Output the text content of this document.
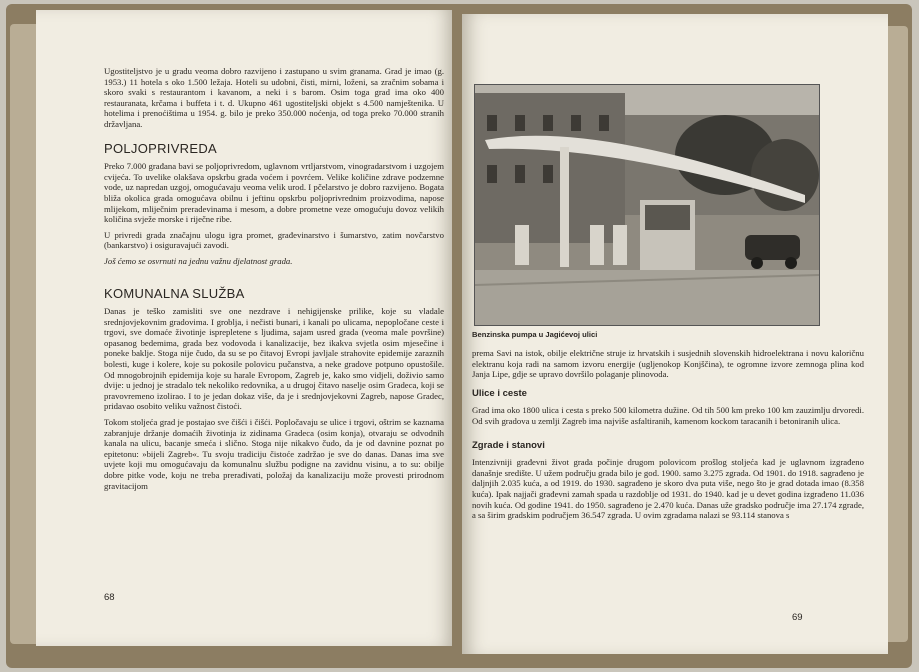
Ugostiteljstvo je u gradu veoma dobro razvijeno i zastupano u svim granama. Grad je imao (g. 1953.) 11 hotela s oko 1.500 ležaja. Hoteli su udobni, čisti, mirni, loženi, sa zračnim sobama i skoro svaki s restaurantom i kavanom, a neki i s barom. Osim toga grad ima oko 400 restauranata, krčama i buffeta i t. d. Ukupno 461 ugostiteljski objekt s 4.500 namještenika. U hotelima i prenoćištima u 1954. g. bilo je preko 350.000 noćenja, od toga preko 70.000 stranih državljana.

POLJOPRIVREDA

Preko 7.000 građana bavi se poljoprivredom, uglavnom vrtljarstvom, vinogradarstvom i uzgojem cvijeća. To uvelike olakšava opskrbu grada voćem i povrćem. Velike količine zdrave podzemne vode, uz napredan uzgoj, omogućavaju veoma velik urod. I pčelarstvo je dobro razvijeno. Bogata bliža okolica grada omogućava obilnu i jeftinu opskrbu poljoprivrednim proizvodima, napose mlijekom, mliječnim preradevinama i mesom, a dobre prometne veze omogućuju dovoz velikih količina svježe morske i riječne ribe.

U privredi grada značajnu ulogu igra promet, građevinarstvo i šumarstvo, zatim novčarstvo (bankarstvo) i osiguravajući zavodi.

Još ćemo se osvrnuti na jednu važnu djelatnost grada.

KOMUNALNA SLUŽBA

Danas je teško zamisliti sve one nezdrave i nehigijenske prilike, koje su vladale srednjovjekovnim gradovima. I groblja, i nečisti bunari, i kanali po ulicama, nepopločane ceste i trgovi, sve domaće životinje isprepletene s ljudima, sajam usred grada (veoma male površine) opasanog bedemima, grada bez vodovoda i kanalizacije, bez ikakva svjetla osim mjesečine i poneke baklje. Stoga nije čudo, da su se po čitavoj Evropi javljale strahovite epidemije zaraznih bolesti, kuge i kolere, koje su pokosile polovicu pučanstva, a neke gradove potpuno opustošile. Od mnogobrojnih epidemija koje su harale Evropom, Zagreb je, kako smo vidjeli, doživio samo dvije: u jednoj je stradalo tek nekoliko redovnika, a u drugoj čitavo naselje osim Gradeca, koji se pravovremeno izolirao. I to je jedan dokaz više, da je i srednjovjekovni Zagreb, napose Gradec, pridavao osobito veliku važnost čistoći.

Tokom stoljeća grad je postajao sve čišći i čišći. Popločavaju se ulice i trgovi, oštrim se kaznama zabranjuje držanje domaćih životinja iz zidinama Gradeca (osim konja), otvaraju se odvodnih kanala na ulicu, bacanje smeća i slično. Stoga nije nikakvo čudo, da je od davnine poznat po epitetonu: »bijeli Zagreb«. Tu svoju tradiciju čistoće zadržao je sve do danas. Danas ima sve uvjete koji mu omogućavaju da komunalnu službu podigne na zavidnu visinu, a to su: obilje dobre pitke vode, koju ne treba prerađivati, položaj da kanalizaciju može provesti prirodnom gravitacijom

68
Benzinska pumpa u Jagićevoj ulici

prema Savi na istok, obilje električne struje iz hrvatskih i susjednih slovenskih hidroelektrana i novu kaloričnu elektranu koja radi na samom izvoru energije (ugljenokop Konjščina), te ogromne izvore zemnoga plina kod Janja Lipe, gdje se upravo dovršilo polaganje plinovoda.

Ulice i ceste

Grad ima oko 1800 ulica i cesta s preko 500 kilometra dužine. Od tih 500 km preko 100 km zauzimlju drvoredi. Od svih gradova u zemlji Zagreb ima najviše asfaltiranih, kamenom kockom taracanih i betoniranih ulica.

Zgrade i stanovi

Intenzivniji građevni život grada počinje drugom polovicom prošlog stoljeća kad je uglavnom izgrađeno današnje središte. U užem području grada bilo je god. 1900. samo 3.275 zgrada. Od 1901. do 1918. sagrađeno je daljnjih 2.035 kuća, a od 1919. do 1930. sagrađeno je skoro dva puta više, nego što je grad dotada imao (8.358 kuća). Ipak najjači građevni zamah spada u razdoblje od 1931. do 1940. kad je u devet godina izgrađeno 11.036 novih kuća. Od godine 1941. do 1950. sagrađeno je 2.470 kuća. Danas uže gradsko područje ima 27.174 zgrade, a sa širim gradskim područjem 36.547 zgrada. U ovim zgradama nalazi se 93.114 stanova s

69
